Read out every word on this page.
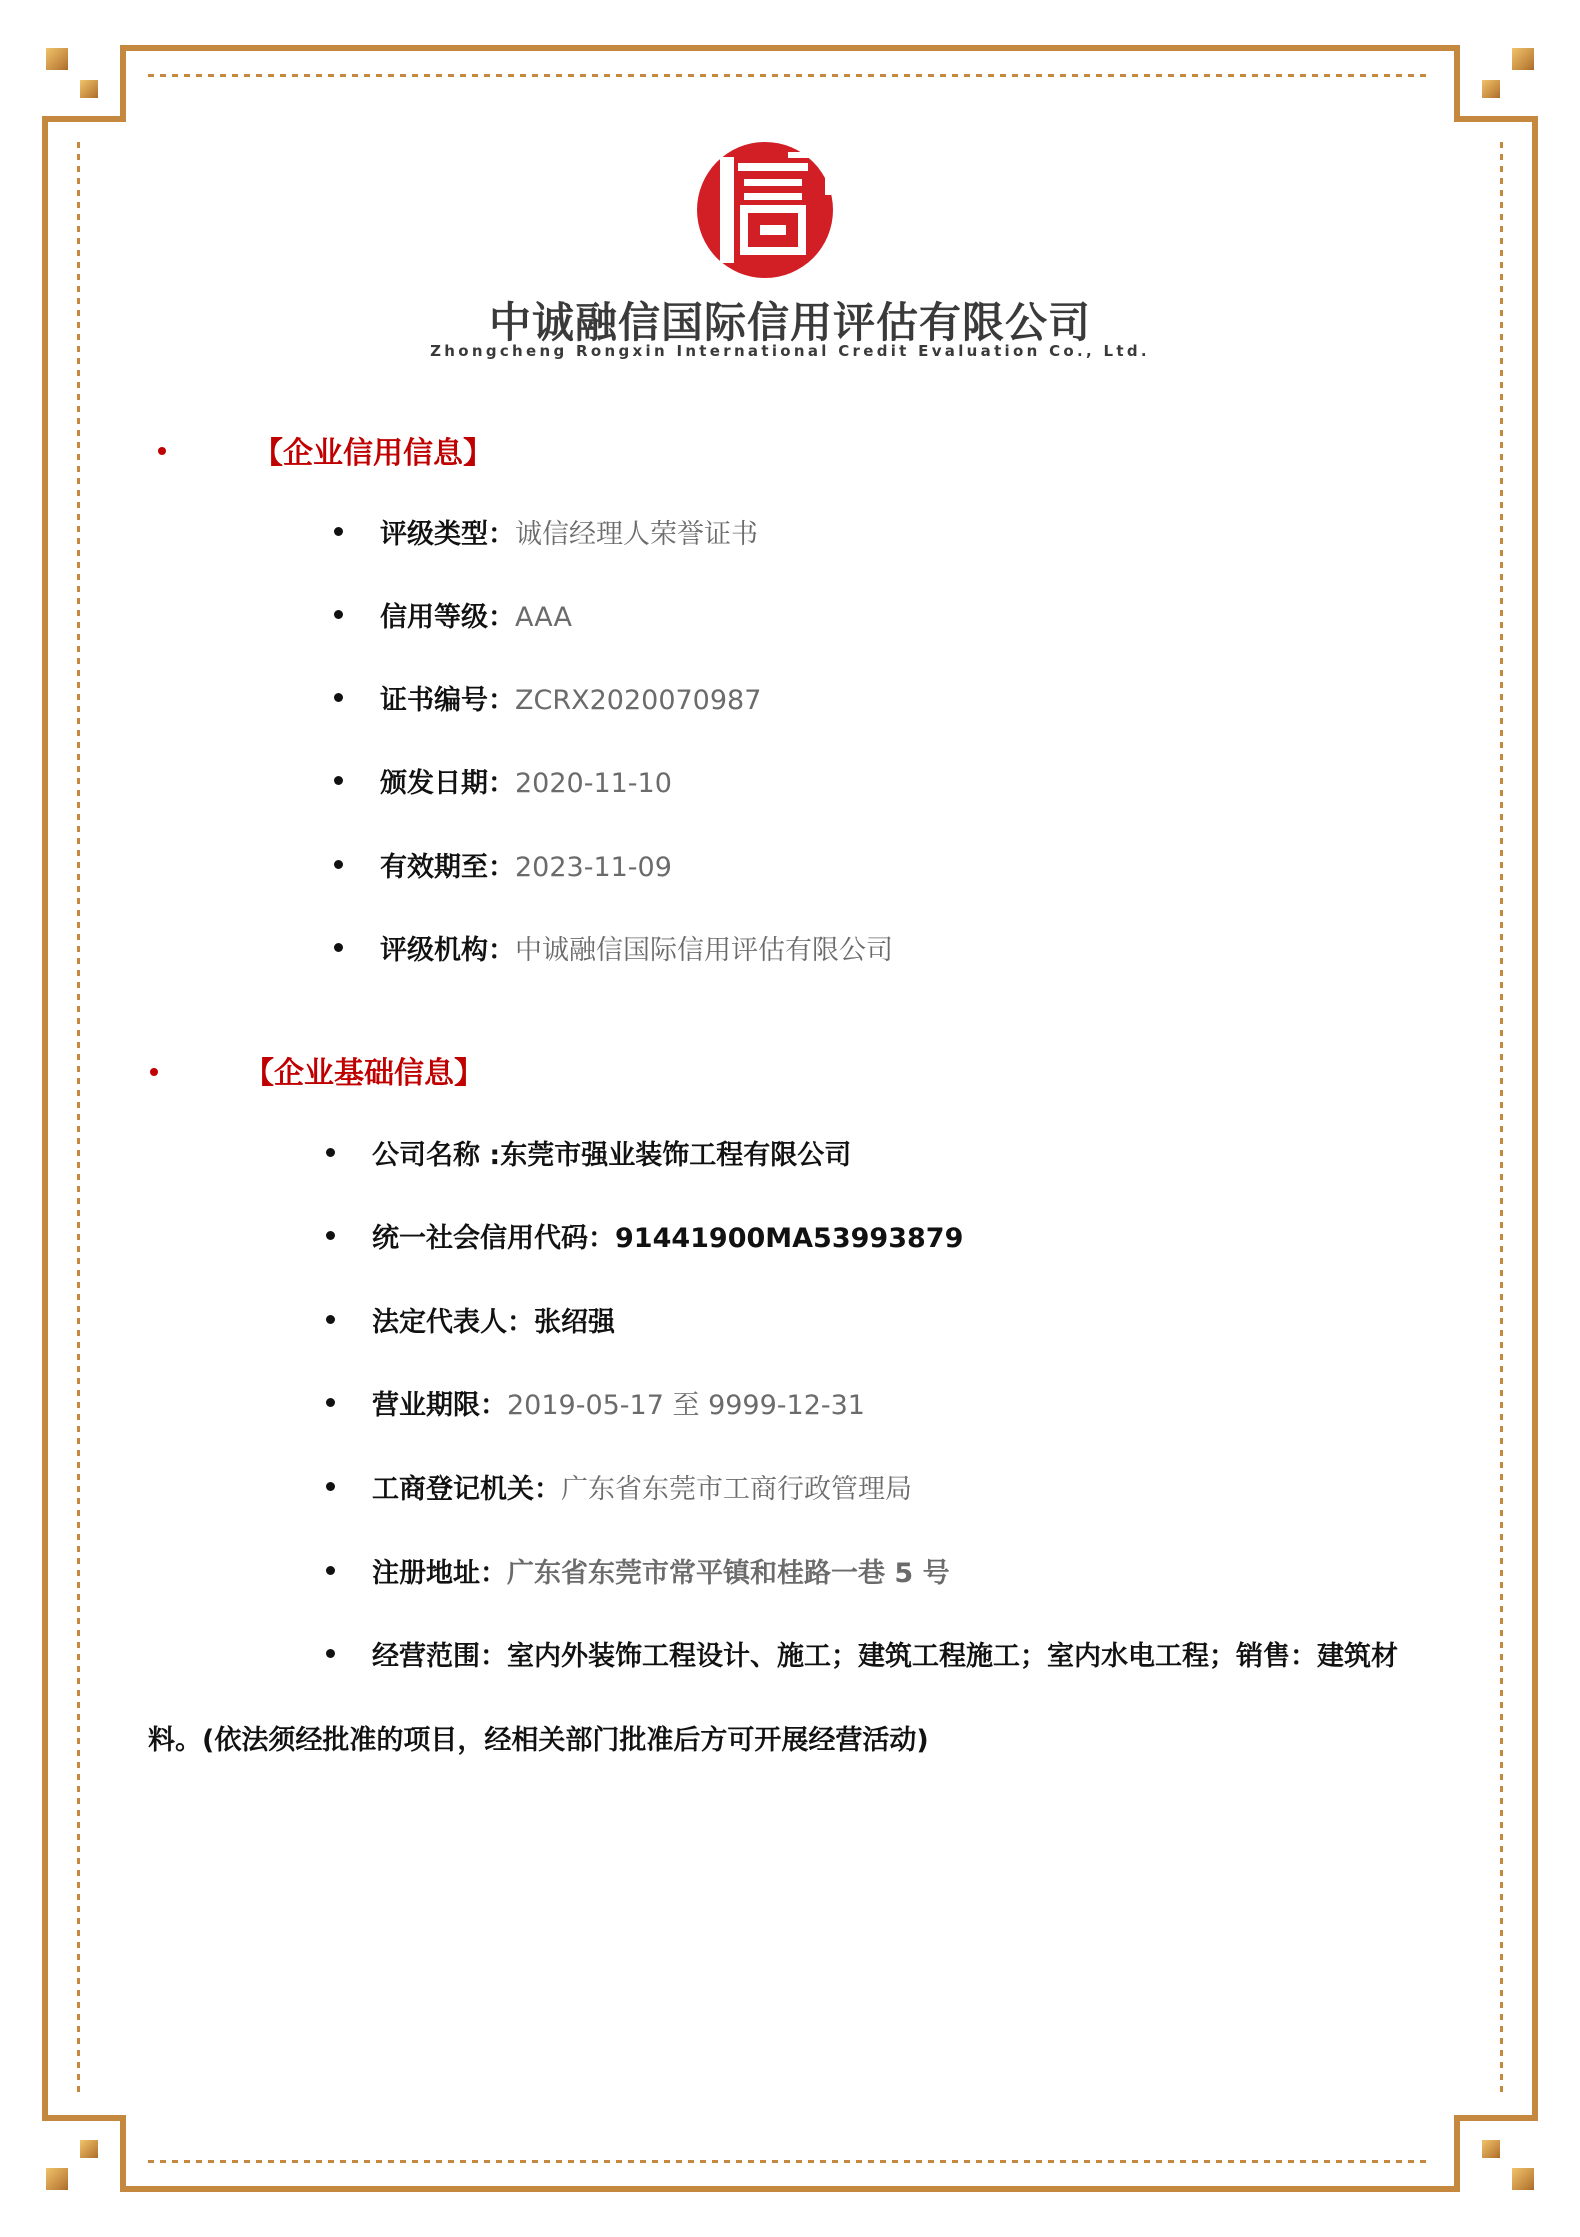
中诚融信国际信用评估有限公司
Zhongcheng Rongxin International Credit Evaluation Co., Ltd.
【企业信用信息】
评级类型：诚信经理人荣誉证书
信用等级：AAA
证书编号：ZCRX2020070987
颁发日期：2020-11-10
有效期至：2023-11-09
评级机构：中诚融信国际信用评估有限公司
【企业基础信息】
公司名称 :东莞市强业装饰工程有限公司
统一社会信用代码：91441900MA53993879
法定代表人：张绍强
营业期限：2019-05-17 至 9999-12-31
工商登记机关：广东省东莞市工商行政管理局
注册地址：广东省东莞市常平镇和桂路一巷 5 号
经营范围：室内外装饰工程设计、施工；建筑工程施工；室内水电工程；销售：建筑材
料。(依法须经批准的项目，经相关部门批准后方可开展经营活动)
